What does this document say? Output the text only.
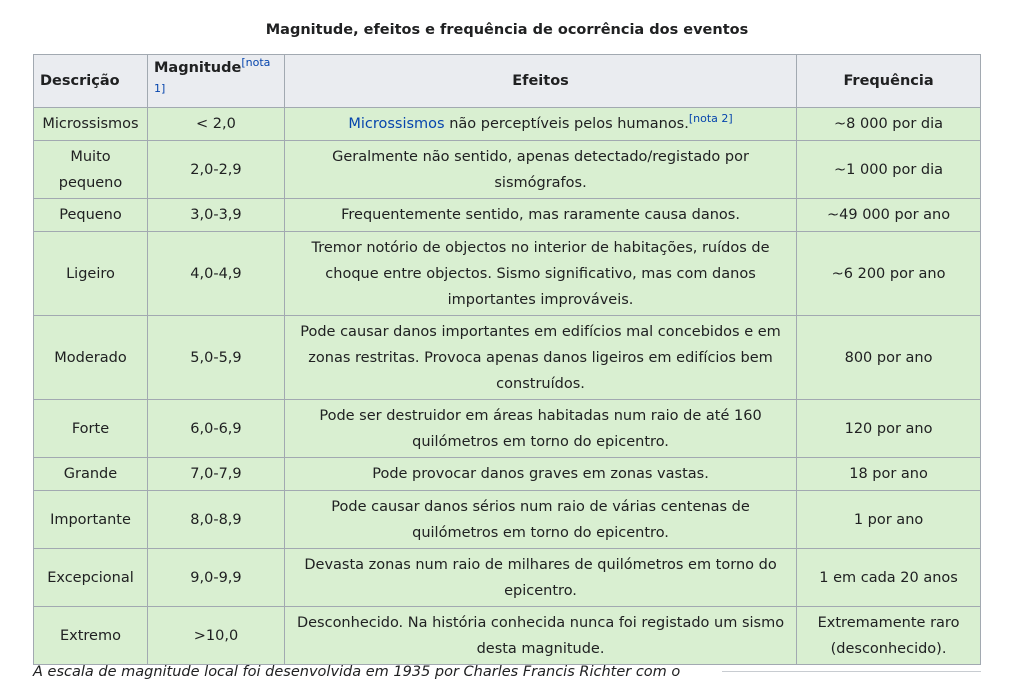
Magnitude, efeitos e frequência de ocorrência dos eventos
Descrição	Magnitude[nota 1]	Efeitos	Frequência
Microssismos	< 2,0	Microssismos não perceptíveis pelos humanos.[nota 2]	~8 000 por dia
Muito pequeno	2,0-2,9	Geralmente não sentido, apenas detectado/registado por sismógrafos.	~1 000 por dia
Pequeno	3,0-3,9	Frequentemente sentido, mas raramente causa danos.	~49 000 por ano
Ligeiro	4,0-4,9	Tremor notório de objectos no interior de habitações, ruídos de choque entre objectos. Sismo significativo, mas com danos importantes improváveis.	~6 200 por ano
Moderado	5,0-5,9	Pode causar danos importantes em edifícios mal concebidos e em zonas restritas. Provoca apenas danos ligeiros em edifícios bem construídos.	800 por ano
Forte	6,0-6,9	Pode ser destruidor em áreas habitadas num raio de até 160 quilómetros em torno do epicentro.	120 por ano
Grande	7,0-7,9	Pode provocar danos graves em zonas vastas.	18 por ano
Importante	8,0-8,9	Pode causar danos sérios num raio de várias centenas de quilómetros em torno do epicentro.	1 por ano
Excepcional	9,0-9,9	Devasta zonas num raio de milhares de quilómetros em torno do epicentro.	1 em cada 20 anos
Extremo	>10,0	Desconhecido. Na história conhecida nunca foi registado um sismo desta magnitude.	Extremamente raro (desconhecido).
A escala de magnitude local foi desenvolvida em 1935 por Charles Francis Richter com o
